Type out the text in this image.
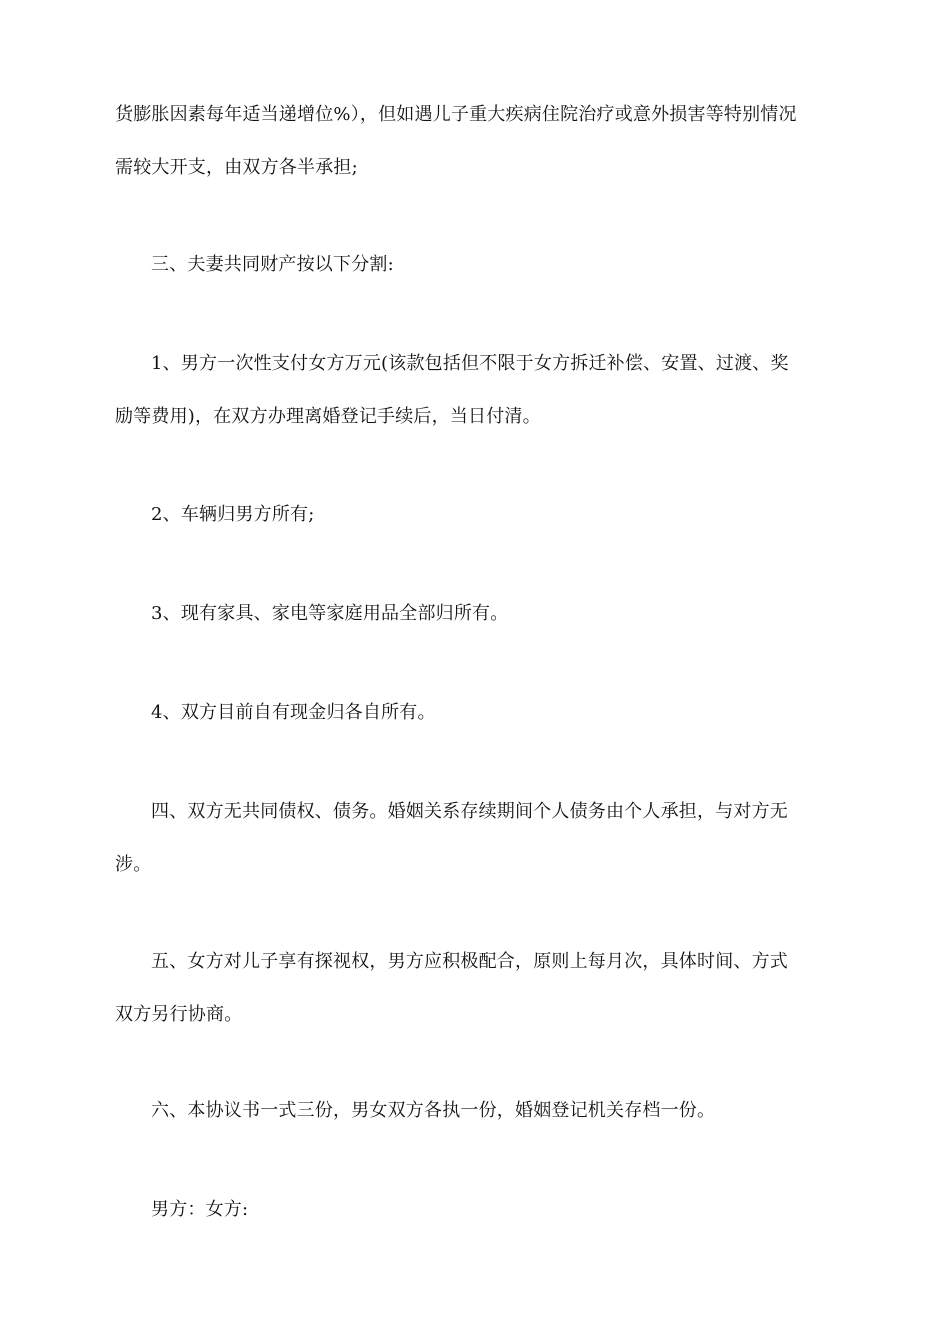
货膨胀因素每年适当递增位%），但如遇儿子重大疾病住院治疗或意外损害等特别情况
需较大开支，由双方各半承担;

三、夫妻共同财产按以下分割:

1、男方一次性支付女方万元(该款包括但不限于女方拆迁补偿、安置、过渡、奖
励等费用)，在双方办理离婚登记手续后，当日付清。

2、车辆归男方所有;

3、现有家具、家电等家庭用品全部归所有。

4、双方目前自有现金归各自所有。

四、双方无共同债权、债务。婚姻关系存续期间个人债务由个人承担，与对方无
涉。

五、女方对儿子享有探视权，男方应积极配合，原则上每月次，具体时间、方式
双方另行协商。

六、本协议书一式三份，男女双方各执一份，婚姻登记机关存档一份。

男方：女方:
